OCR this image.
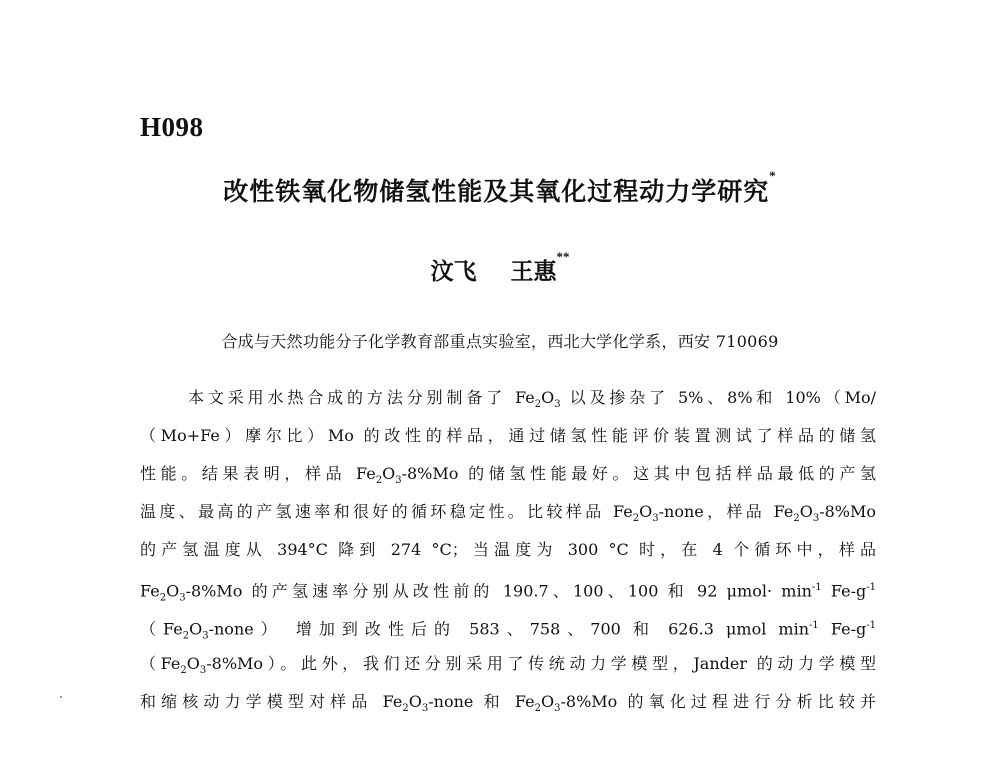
H098
改性铁氧化物储氢性能及其氧化过程动力学研究*
汶飞 王惠**
合成与天然功能分子化学教育部重点实验室，西北大学化学系，西安 710069
本文采用水热合成的方法分别制备了 $Fe_2O_3$ 以及掺杂了 5%、8%和 10%（Mo/
（Mo+Fe）摩尔比）Mo 的改性的样品，通过储氢性能评价装置测试了样品的储氢
性能。结果表明，样品 $Fe_2O_3-8\%Mo$ 的储氢性能最好。这其中包括样品最低的产氢
温度、最高的产氢速率和很好的循环稳定性。比较样品 $Fe_2O_3$-none，样品 $Fe_2O_3-8\%Mo$
的产氢温度从 394°C 降到 274 °C；当温度为 300 °C 时，在 4 个循环中，样品
$Fe_2O_3-8\%Mo$ 的产氢速率分别从改性前的 190.7、100、100 和 92 $\mu mol\cdot \min^{-1} Fe-g^{-1}$
$(Fe_2O_3-none)$ 增加到改性后的 583、758、700 和 626.3 μmol $\min^{-1} Fe-g^{-1}$
$(Fe_2O_3-8\%Mo)$。此外，我们还分别采用了传统动力学模型，Jander 的动力学模型
和缩核动力学模型对样品 $Fe_2O_3$-none 和 $Fe_2O_3-8\%Mo$ 的氧化过程进行分析比较并
